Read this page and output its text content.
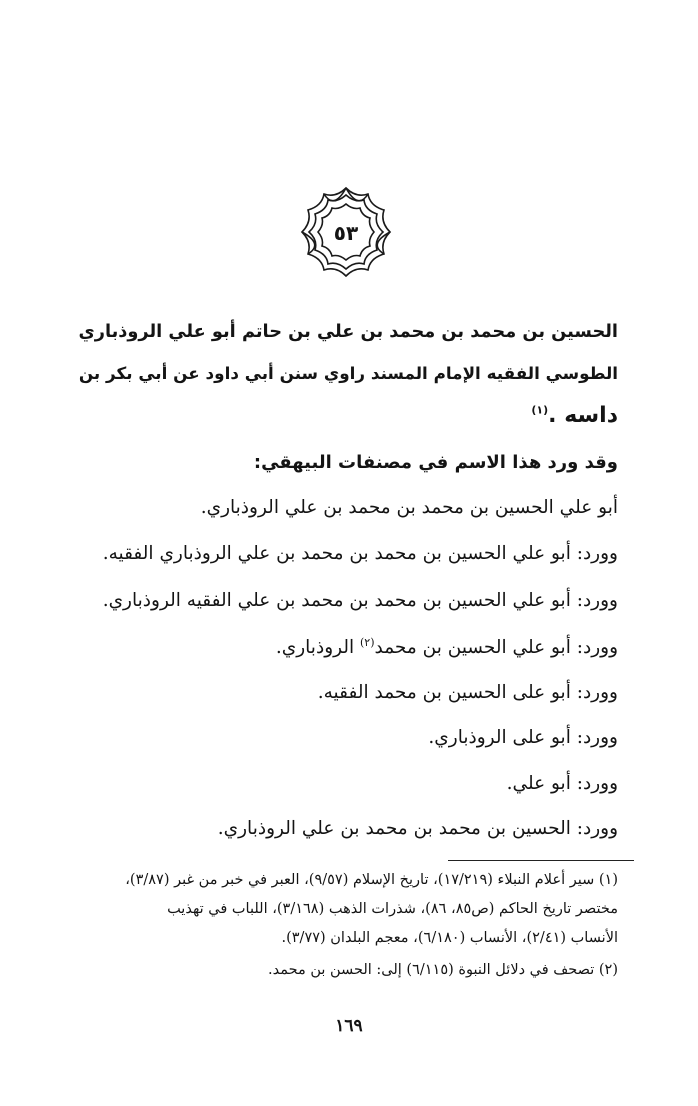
٥٣
الحسين بن محمد بن محمد بن علي بن حاتم أبو علي الروذباري
الطوسي الفقيه الإمام المسند راوي سنن أبي داود عن أبي بكر بن
داسه .$^{(١)}$
وقد ورد هذا الاسم في مصنفات البيهقي:
أبو علي الحسين بن محمد بن محمد بن علي الروذباري.
وورد: أبو علي الحسين بن محمد بن محمد بن علي الروذباري الفقيه.
وورد: أبو علي الحسين بن محمد بن محمد بن علي الفقيه الروذباري.
وورد: أبو علي الحسين بن محمد$^{(٢)}$ الروذباري.
وورد: أبو على الحسين بن محمد الفقيه.
وورد: أبو على الروذباري.
وورد: أبو علي.
وورد: الحسين بن محمد بن محمد بن علي الروذباري.
(١) سير أعلام النبلاء (١٧/٢١٩)، تاريخ الإسلام (٩/٥٧)، العبر في خبر من غبر (٣/٨٧)،
مختصر تاريخ الحاكم (ص٨٥، ٨٦)، شذرات الذهب (٣/١٦٨)، اللباب في تهذيب
الأنساب (٢/٤١)، الأنساب (٦/١٨٠)، معجم البلدان (٣/٧٧).
(٢) تصحف في دلائل النبوة (٦/١١٥) إلى: الحسن بن محمد.
١٦٩
